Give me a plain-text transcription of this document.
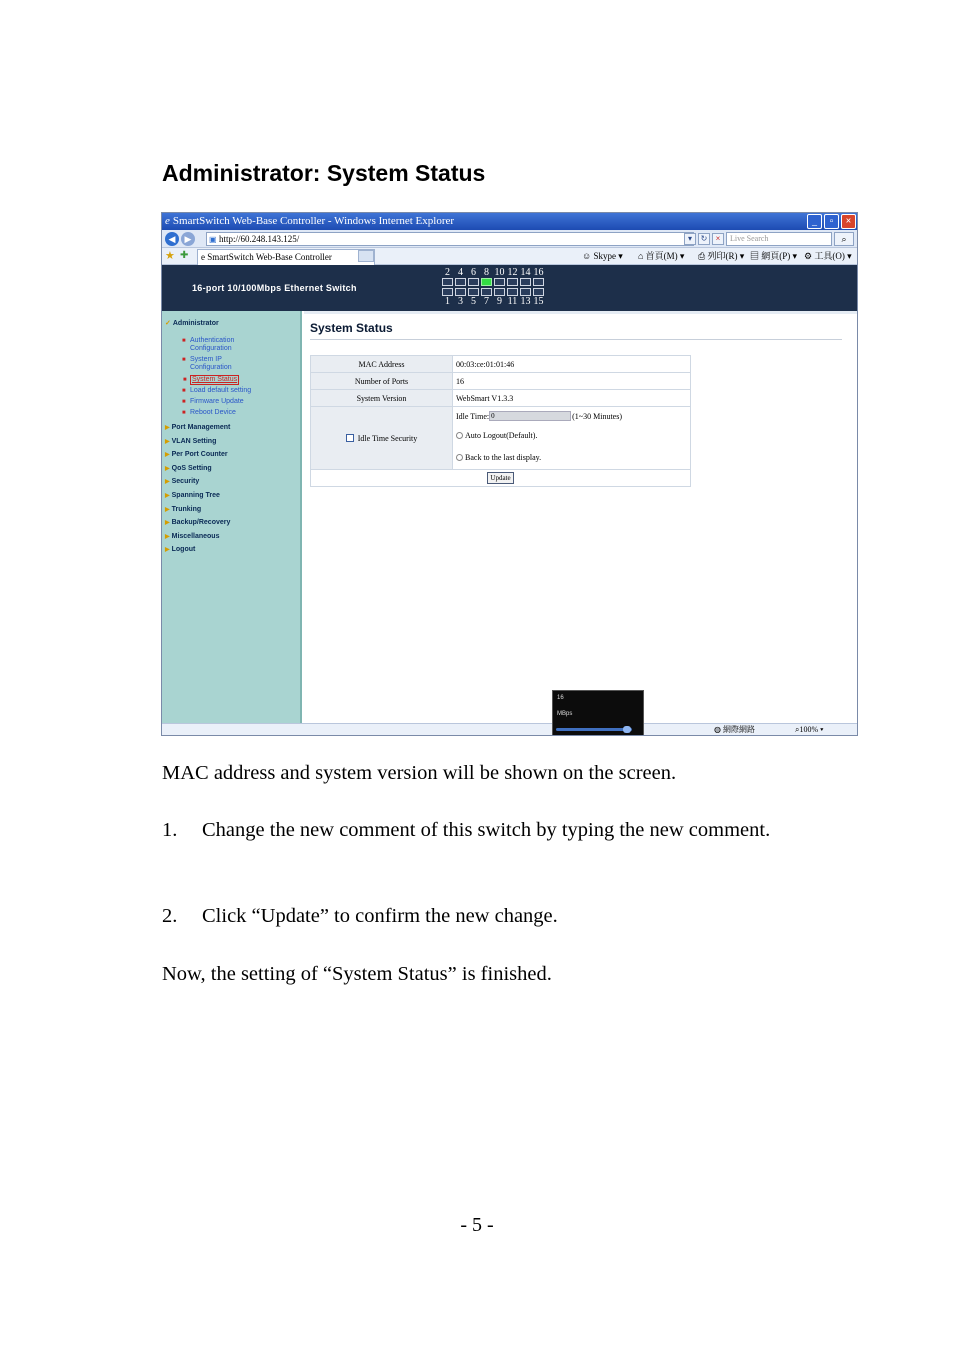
Administrator: System Status
e SmartSwitch Web-Base Controller - Windows Internet Explorer	_	▫	×
◀	▶	▣ http://60.248.143.125/	▾	↻	×	Live Search	⌕
★ ✚	e SmartSwitch Web-Base Controller	☺ Skype ▾ ⌂ 首頁(M) ▾ ⎙ 列印(R) ▾ ▤ 網頁(P) ▾ ⚙ 工具(O) ▾
16-port 10/100Mbps Ethernet Switch
2 4 6 8 10 12 14 16
1 3 5 7 9 11 13 15
✓ Administrator
■ Authentication Configuration
■ System IP Configuration
■ System Status
■ Load default setting
■ Firmware Update
■ Reboot Device
▶ Port Management
▶ VLAN Setting
▶ Per Port Counter
▶ QoS Setting
▶ Security
▶ Spanning Tree
▶ Trunking
▶ Backup/Recovery
▶ Miscellaneous
▶ Logout
System Status
MAC Address	00:03:ce:01:01:46
Number of Ports	16
System Version	WebSmart V1.3.3

Idle Time Security	Idle Time: 0 (1~30 Minutes)
Auto Logout(Default).
Back to the last display.

Update	
◍ 網際網路	⌕100% ▾
16
MBps
MAC address and system version will be shown on the screen.
1. Change the new comment of this switch by typing the new comment.
2. Click “Update” to confirm the new change.
Now, the setting of “System Status” is finished.
- 5 -
